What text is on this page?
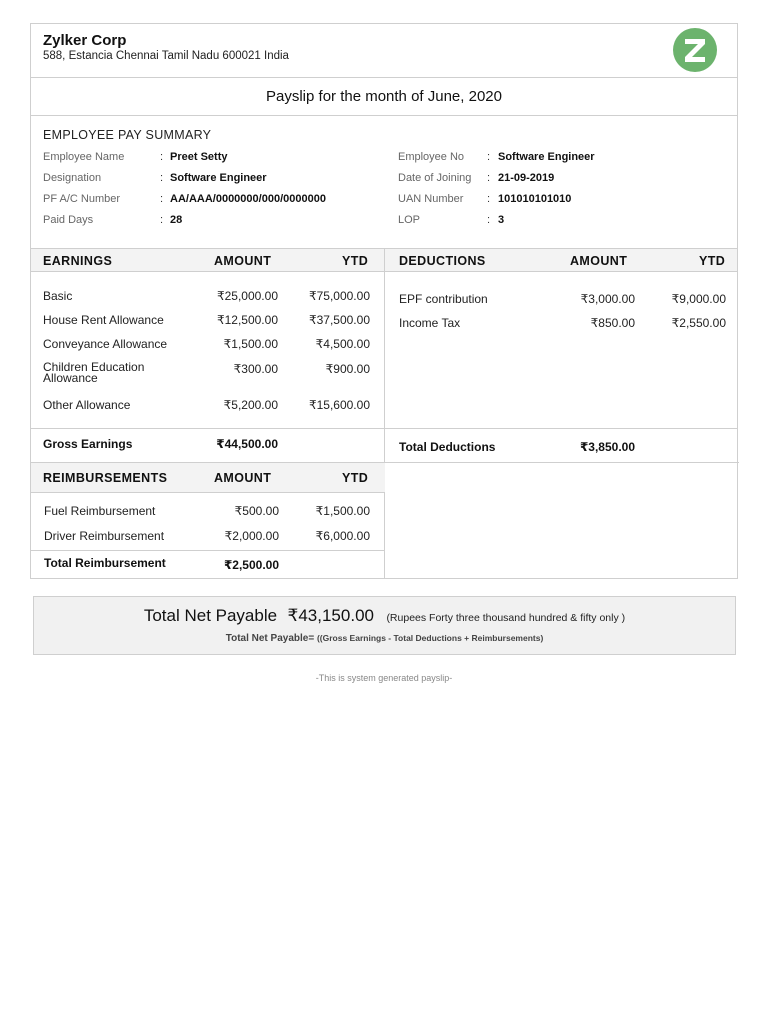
Zylker Corp
588, Estancia Chennai Tamil Nadu 600021 India
Payslip for the month of June, 2020
EMPLOYEE PAY SUMMARY
Employee Name	: Preet Setty
Designation	: Software Engineer
PF A/C Number	: AA/AAA/0000000/000/0000000
Paid Days	: 28
Employee No : Software Engineer
Date of Joining : 21-09-2019
UAN Number : 101010101010
LOP	: 3
EARNINGS	AMOUNT	YTD DEDUCTIONS	AMOUNT	YTD
Basic	₹25,000.00	₹75,000.00
House Rent Allowance	₹12,500.00	₹37,500.00
Conveyance Allowance	₹1,500.00	₹4,500.00
Children Education Allowance
₹300.00	₹900.00
Other Allowance	₹5,200.00	₹15,600.00
EPF contribution	₹3,000.00	₹9,000.00
Income Tax	₹850.00	₹2,550.00
Gross Earnings	₹44,500.00	Total Deductions	₹3,850.00
REIMBURSEMENTS	AMOUNT	YTD
Fuel Reimbursement	₹500.00	₹1,500.00
Driver Reimbursement	₹2,000.00	₹6,000.00
Total Reimbursement	₹2,500.00
Total Net Payable ₹43,150.00 (Rupees Forty three thousand hundred & fifty only )
Total Net Payable= ((Gross Earnings - Total Deductions + Reimbursements)
-This is system generated payslip-
